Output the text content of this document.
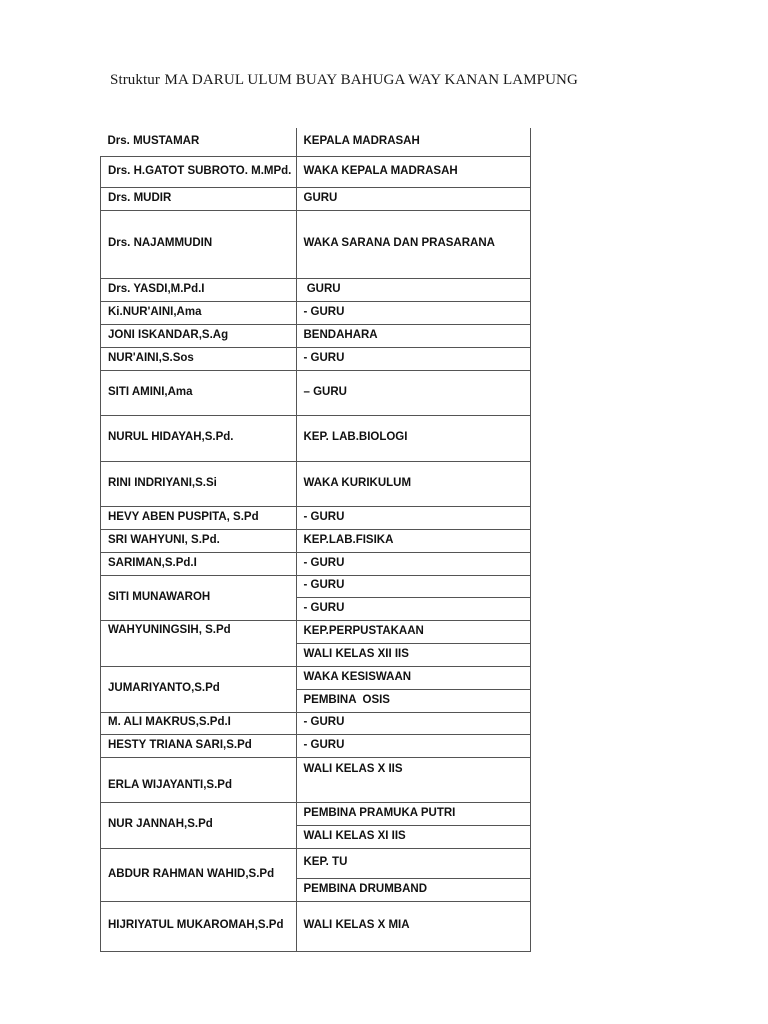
Struktur MA DARUL ULUM BUAY BAHUGA WAY KANAN LAMPUNG
Drs. MUSTAMAR	KEPALA MADRASAH
Drs. H.GATOT SUBROTO. M.MPd.	WAKA KEPALA MADRASAH
Drs. MUDIR	GURU
Drs. NAJAMMUDIN	WAKA SARANA DAN PRASARANA
Drs. YASDI,M.Pd.I	GURU
Ki.NUR'AINI,Ama	- GURU
JONI ISKANDAR,S.Ag	BENDAHARA
NUR'AINI,S.Sos	- GURU
SITI AMINI,Ama	– GURU
NURUL HIDAYAH,S.Pd.	KEP. LAB.BIOLOGI
RINI INDRIYANI,S.Si	WAKA KURIKULUM
HEVY ABEN PUSPITA, S.Pd	- GURU
SRI WAHYUNI, S.Pd.	KEP.LAB.FISIKA
SARIMAN,S.Pd.I	- GURU
SITI MUNAWAROH	- GURU
	- GURU
WAHYUNINGSIH, S.Pd	KEP.PERPUSTAKAAN
	WALI KELAS XII IIS
JUMARIYANTO,S.Pd	WAKA KESISWAAN
	PEMBINA  OSIS
M. ALI MAKRUS,S.Pd.I	- GURU
HESTY TRIANA SARI,S.Pd	- GURU
ERLA WIJAYANTI,S.Pd	WALI KELAS X IIS
NUR JANNAH,S.Pd	PEMBINA PRAMUKA PUTRI
	WALI KELAS XI IIS
ABDUR RAHMAN WAHID,S.Pd	KEP. TU
	PEMBINA DRUMBAND
HIJRIYATUL MUKAROMAH,S.Pd	WALI KELAS X MIA
